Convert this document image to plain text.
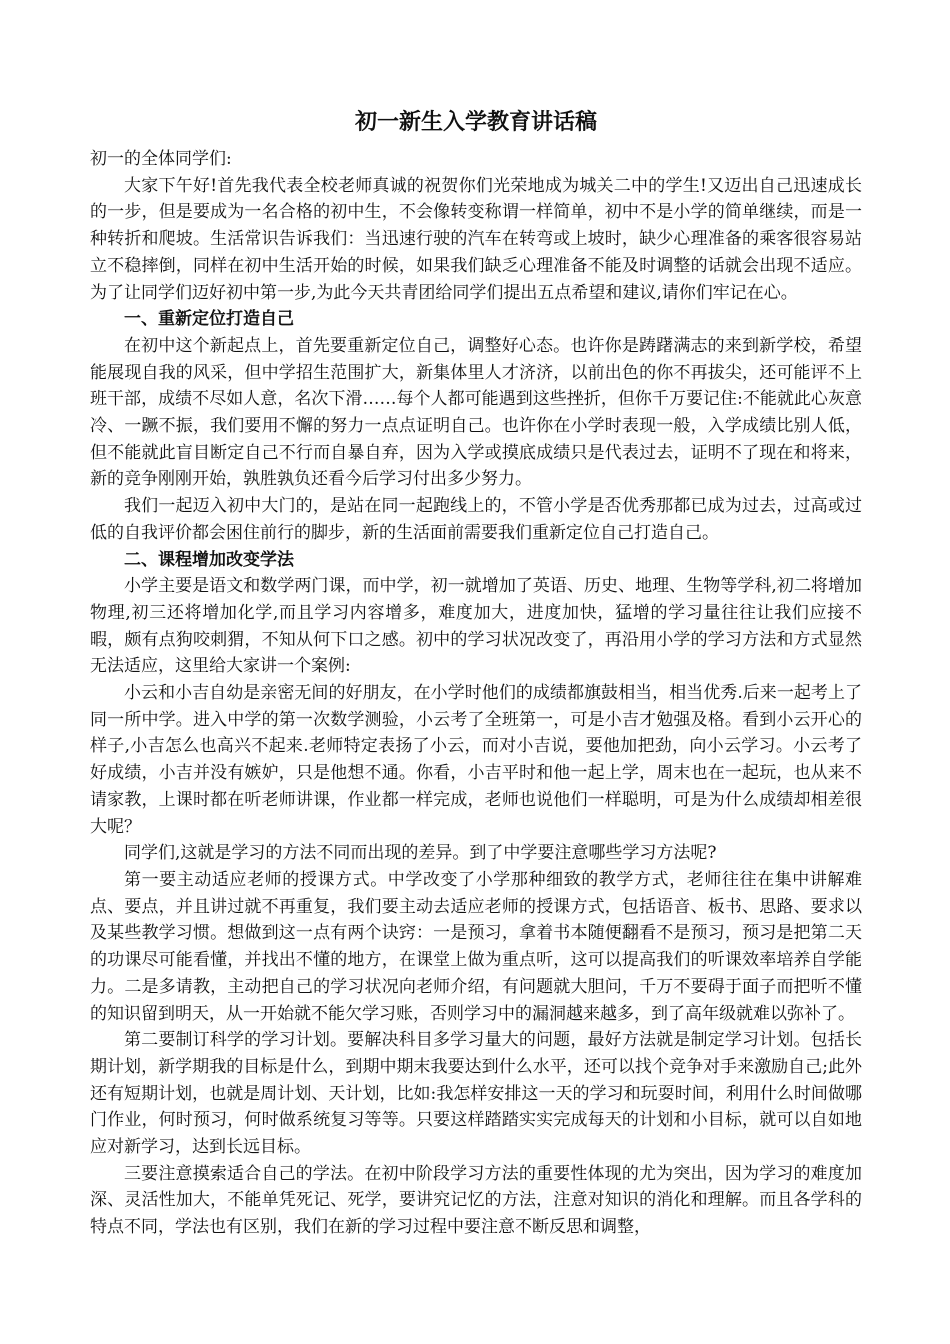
初一新生入学教育讲话稿

初一的全体同学们:

大家下午好!首先我代表全校老师真诚的祝贺你们光荣地成为城关二中的学生!又迈出自己迅速成长的一步，但是要成为一名合格的初中生，不会像转变称谓一样简单，初中不是小学的简单继续，而是一种转折和爬坡。生活常识告诉我们：当迅速行驶的汽车在转弯或上坡时，缺少心理准备的乘客很容易站立不稳摔倒，同样在初中生活开始的时候，如果我们缺乏心理准备不能及时调整的话就会出现不适应。为了让同学们迈好初中第一步,为此今天共青团给同学们提出五点希望和建议,请你们牢记在心。

一、重新定位打造自己

在初中这个新起点上，首先要重新定位自己，调整好心态。也许你是踌躇满志的来到新学校，希望能展现自我的风采，但中学招生范围扩大，新集体里人才济济，以前出色的你不再拔尖，还可能评不上班干部，成绩不尽如人意，名次下滑……每个人都可能遇到这些挫折，但你千万要记住:不能就此心灰意冷、一蹶不振，我们要用不懈的努力一点点证明自己。也许你在小学时表现一般，入学成绩比别人低，但不能就此盲目断定自己不行而自暴自弃，因为入学或摸底成绩只是代表过去，证明不了现在和将来，新的竞争刚刚开始，孰胜孰负还看今后学习付出多少努力。

我们一起迈入初中大门的，是站在同一起跑线上的，不管小学是否优秀那都已成为过去，过高或过低的自我评价都会困住前行的脚步，新的生活面前需要我们重新定位自己打造自己。

二、课程增加改变学法

小学主要是语文和数学两门课，而中学，初一就增加了英语、历史、地理、生物等学科,初二将增加物理,初三还将增加化学,而且学习内容增多，难度加大，进度加快，猛增的学习量往往让我们应接不暇，颇有点狗咬刺猬，不知从何下口之感。初中的学习状况改变了，再沿用小学的学习方法和方式显然无法适应，这里给大家讲一个案例:

小云和小吉自幼是亲密无间的好朋友，在小学时他们的成绩都旗鼓相当，相当优秀.后来一起考上了同一所中学。进入中学的第一次数学测验，小云考了全班第一，可是小吉才勉强及格。看到小云开心的样子,小吉怎么也高兴不起来.老师特定表扬了小云，而对小吉说，要他加把劲，向小云学习。小云考了好成绩，小吉并没有嫉妒，只是他想不通。你看，小吉平时和他一起上学，周末也在一起玩，也从来不请家教，上课时都在听老师讲课，作业都一样完成，老师也说他们一样聪明，可是为什么成绩却相差很大呢？

同学们,这就是学习的方法不同而出现的差异。到了中学要注意哪些学习方法呢?

第一要主动适应老师的授课方式。中学改变了小学那种细致的教学方式，老师往往在集中讲解难点、要点，并且讲过就不再重复，我们要主动去适应老师的授课方式，包括语音、板书、思路、要求以及某些教学习惯。想做到这一点有两个诀窍：一是预习，拿着书本随便翻看不是预习，预习是把第二天的功课尽可能看懂，并找出不懂的地方，在课堂上做为重点听，这可以提高我们的听课效率培养自学能力。二是多请教，主动把自己的学习状况向老师介绍，有问题就大胆问，千万不要碍于面子而把听不懂的知识留到明天，从一开始就不能欠学习账，否则学习中的漏洞越来越多，到了高年级就难以弥补了。

第二要制订科学的学习计划。要解决科目多学习量大的问题，最好方法就是制定学习计划。包括长期计划，新学期我的目标是什么，到期中期末我要达到什么水平，还可以找个竞争对手来激励自己;此外还有短期计划，也就是周计划、天计划，比如:我怎样安排这一天的学习和玩耍时间，利用什么时间做哪门作业，何时预习，何时做系统复习等等。只要这样踏踏实实完成每天的计划和小目标，就可以自如地应对新学习，达到长远目标。

三要注意摸索适合自己的学法。在初中阶段学习方法的重要性体现的尤为突出，因为学习的难度加深、灵活性加大，不能单凭死记、死学，要讲究记忆的方法，注意对知识的消化和理解。而且各学科的特点不同，学法也有区别，我们在新的学习过程中要注意不断反思和调整，
